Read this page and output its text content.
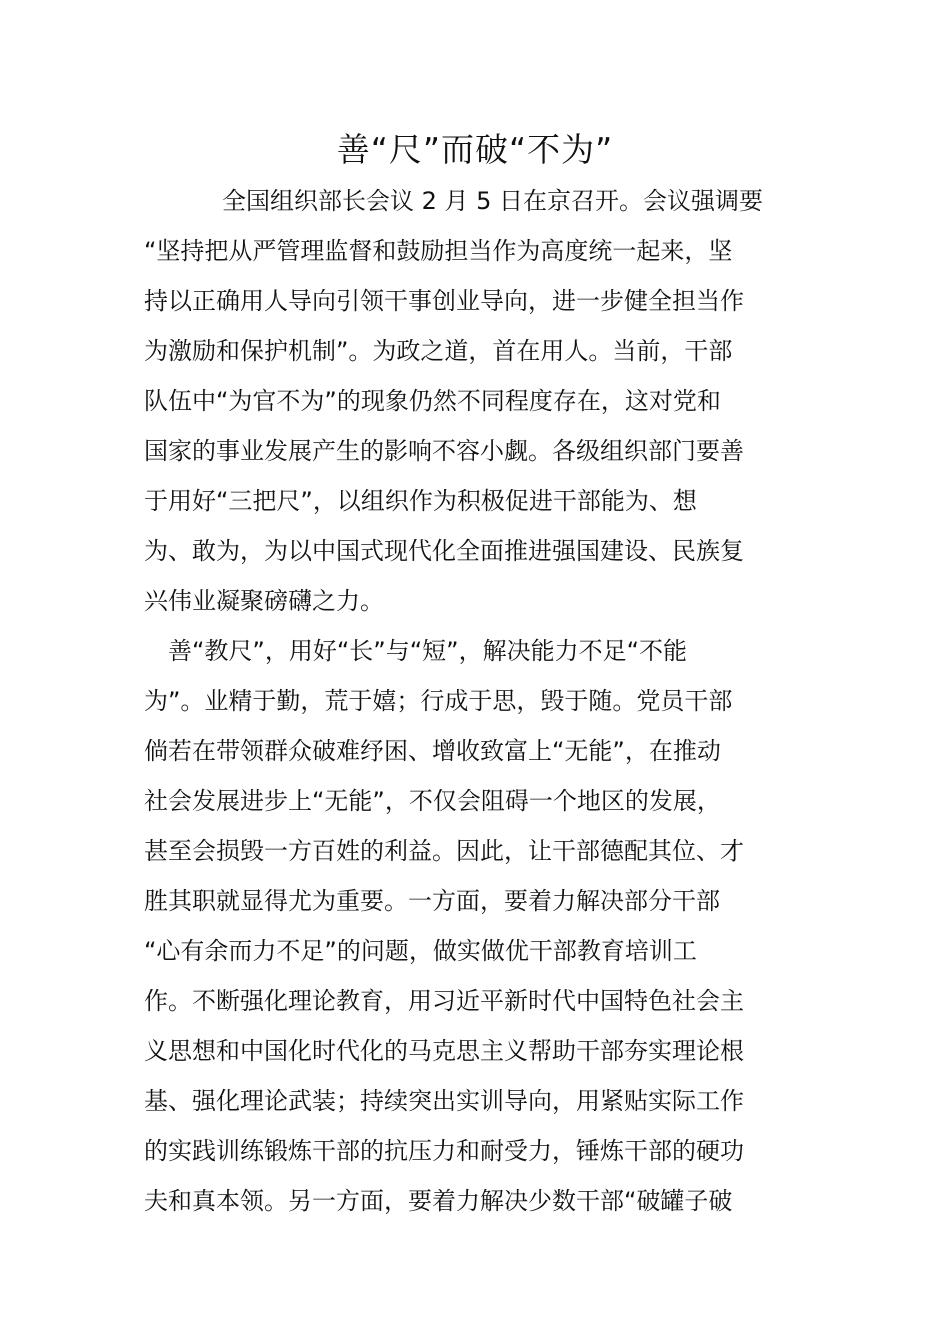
善“尺”而破“不为”
全国组织部长会议 2 月 5 日在京召开。会议强调要
“坚持把从严管理监督和鼓励担当作为高度统一起来，坚
持以正确用人导向引领干事创业导向，进一步健全担当作
为激励和保护机制”。为政之道，首在用人。当前，干部
队伍中“为官不为”的现象仍然不同程度存在，这对党和
国家的事业发展产生的影响不容小觑。各级组织部门要善
于用好“三把尺”，以组织作为积极促进干部能为、想
为、敢为，为以中国式现代化全面推进强国建设、民族复
兴伟业凝聚磅礴之力。
善“教尺”，用好“长”与“短”，解决能力不足“不能
为”。业精于勤，荒于嬉；行成于思，毁于随。党员干部
倘若在带领群众破难纾困、增收致富上“无能”，在推动
社会发展进步上“无能”，不仅会阻碍一个地区的发展，
甚至会损毁一方百姓的利益。因此，让干部德配其位、才
胜其职就显得尤为重要。一方面，要着力解决部分干部
“心有余而力不足”的问题，做实做优干部教育培训工
作。不断强化理论教育，用习近平新时代中国特色社会主
义思想和中国化时代化的马克思主义帮助干部夯实理论根
基、强化理论武装；持续突出实训导向，用紧贴实际工作
的实践训练锻炼干部的抗压力和耐受力，锤炼干部的硬功
夫和真本领。另一方面，要着力解决少数干部“破罐子破
